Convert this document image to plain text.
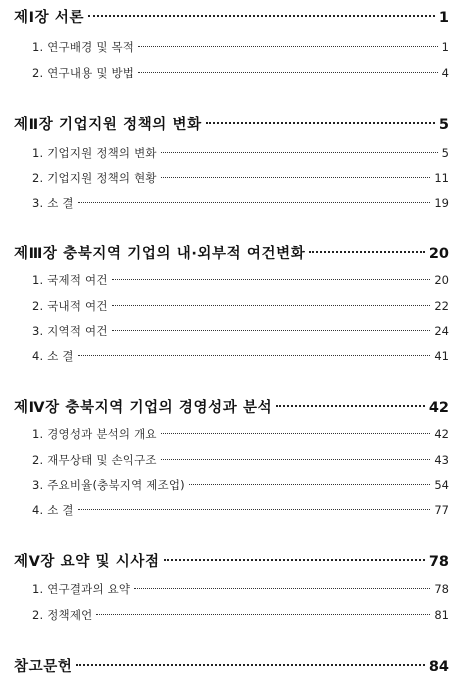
제Ⅰ장 서론	1
1. 연구배경 및 목적	1
2. 연구내용 및 방법	4
제Ⅱ장 기업지원 정책의 변화	5
1. 기업지원 정책의 변화	5
2. 기업지원 정책의 현황	11
3. 소 결	19
제Ⅲ장 충북지역 기업의 내·외부적 여건변화	20
1. 국제적 여건	20
2. 국내적 여건	22
3. 지역적 여건	24
4. 소 결	41
제Ⅳ장 충북지역 기업의 경영성과 분석	42
1. 경영성과 분석의 개요	42
2. 재무상태 및 손익구조	43
3. 주요비율(충북지역 제조업)	54
4. 소 결	77
제Ⅴ장 요약 및 시사점	78
1. 연구결과의 요약	78
2. 정책제언	81
참고문헌	84
